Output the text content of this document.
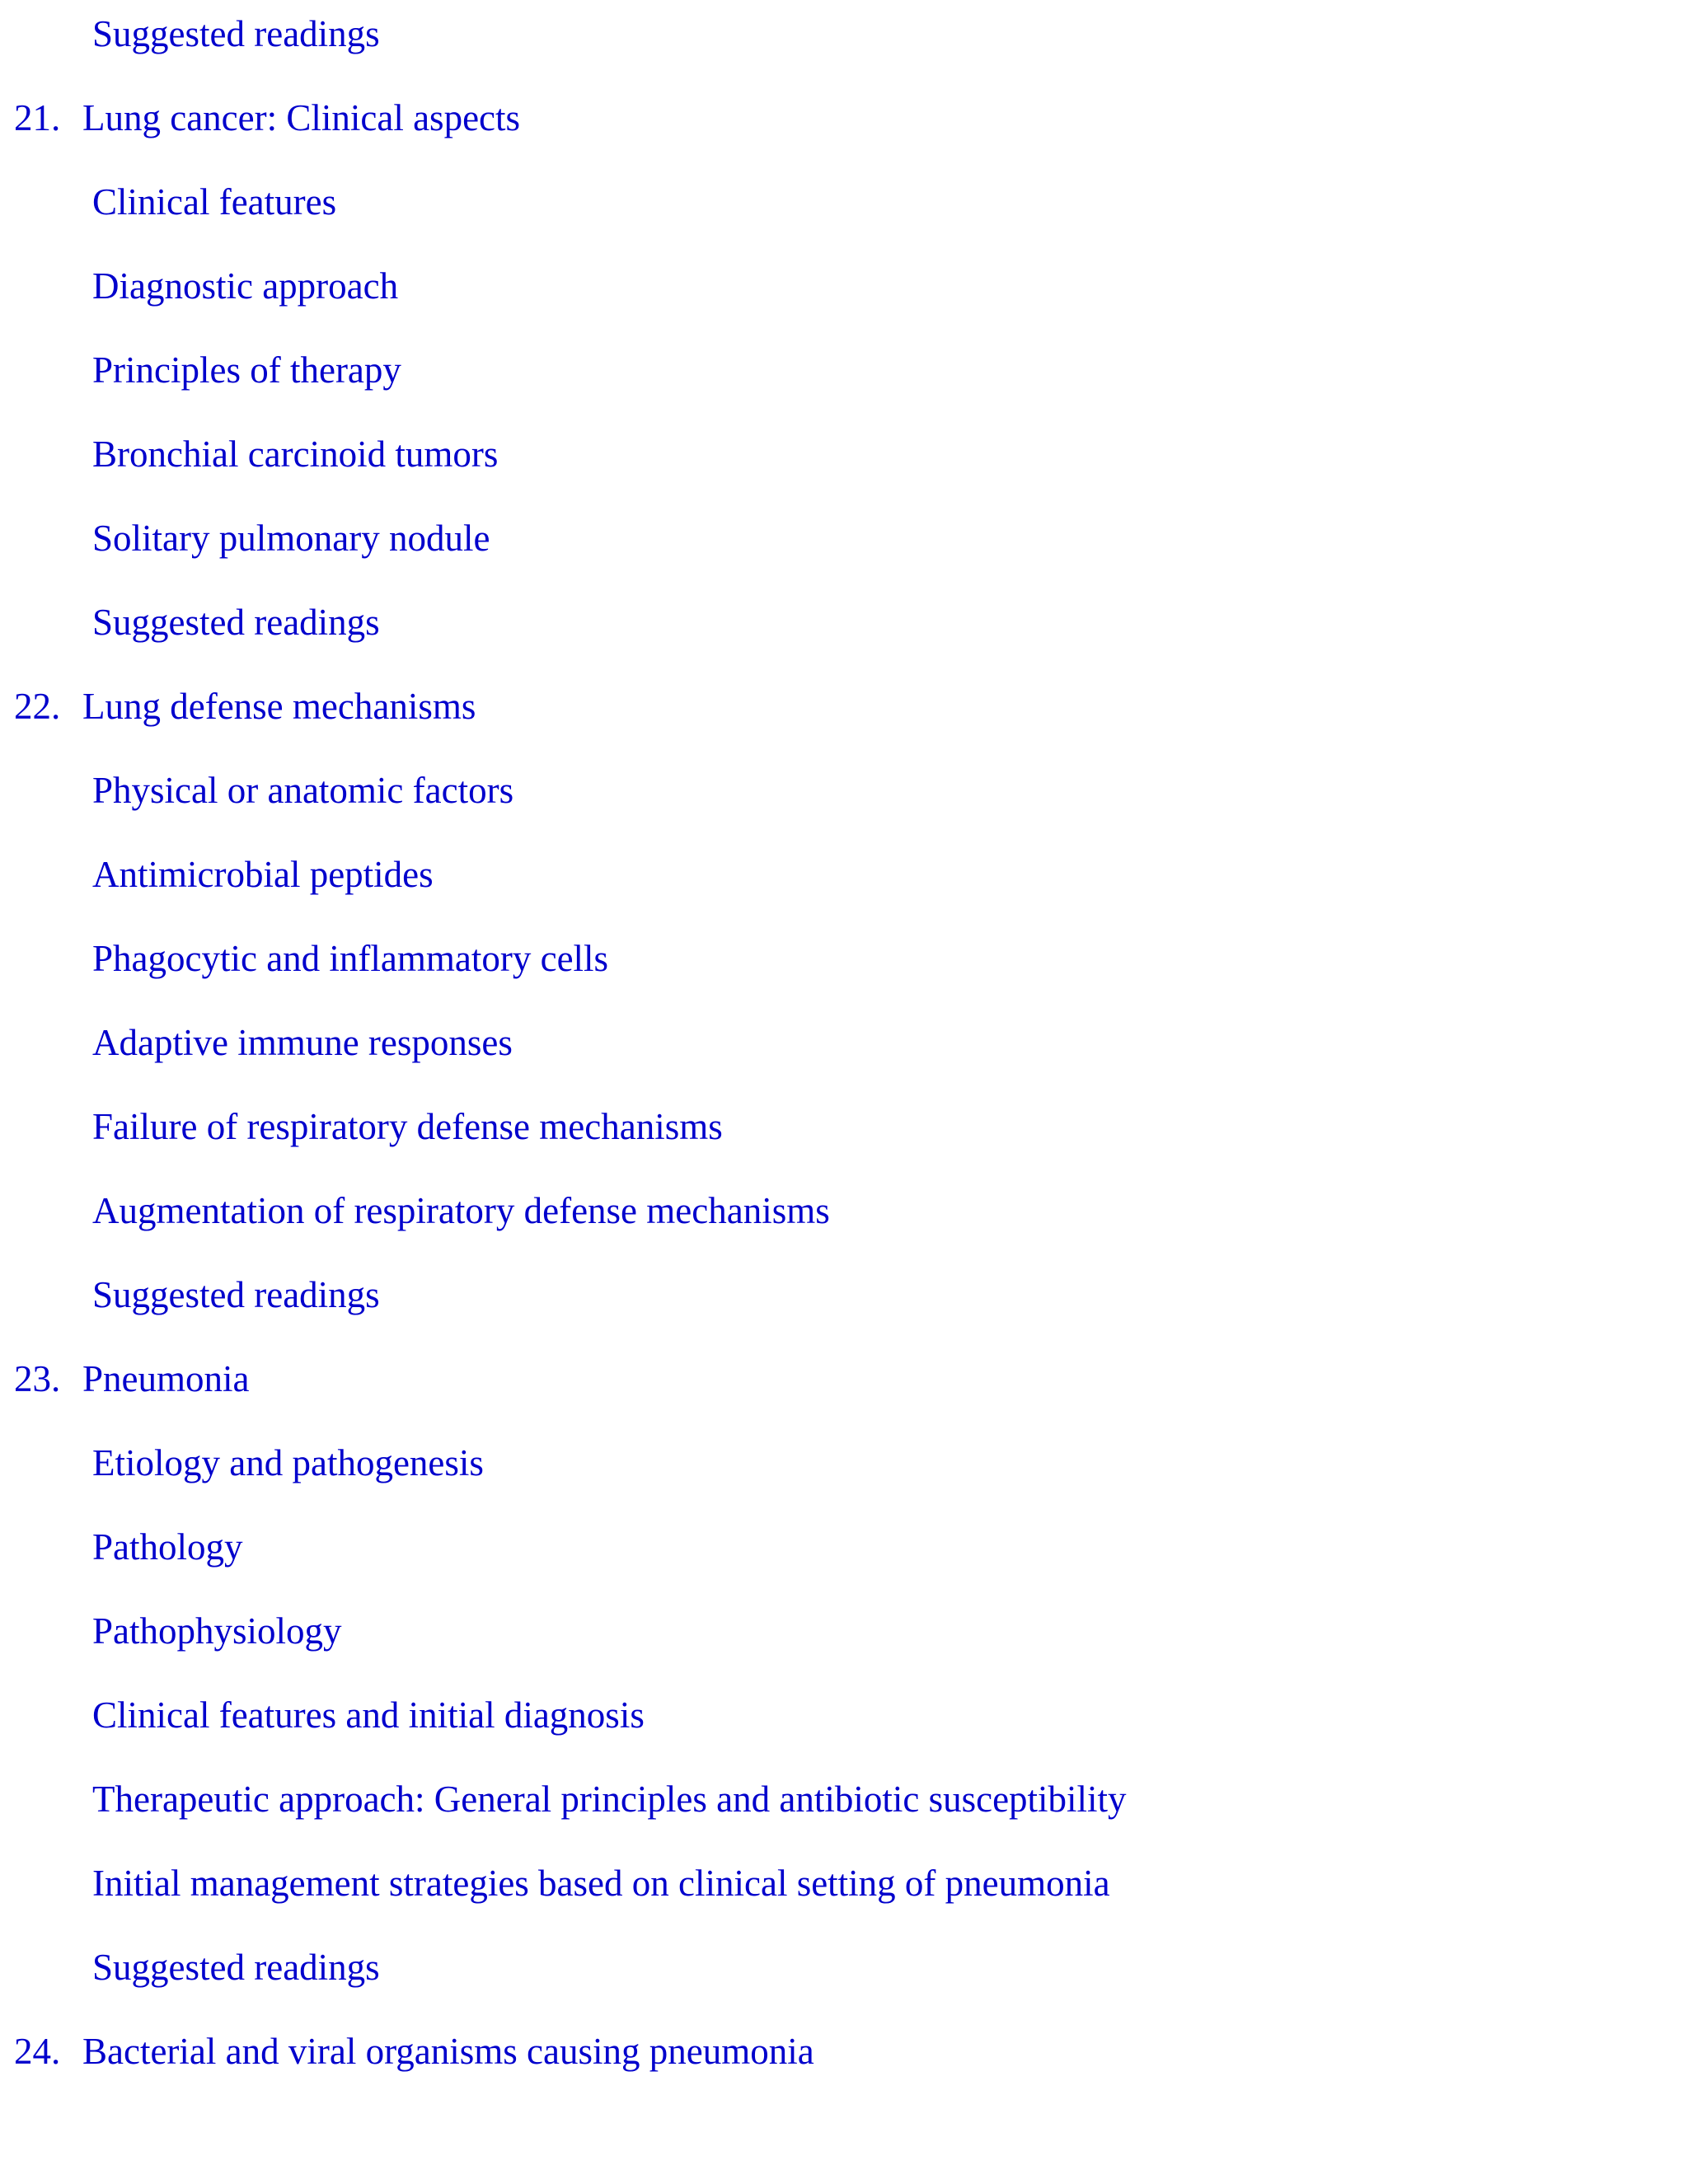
Suggested readings
21. Lung cancer: Clinical aspects
Clinical features
Diagnostic approach
Principles of therapy
Bronchial carcinoid tumors
Solitary pulmonary nodule
Suggested readings
22. Lung defense mechanisms
Physical or anatomic factors
Antimicrobial peptides
Phagocytic and inflammatory cells
Adaptive immune responses
Failure of respiratory defense mechanisms
Augmentation of respiratory defense mechanisms
Suggested readings
23. Pneumonia
Etiology and pathogenesis
Pathology
Pathophysiology
Clinical features and initial diagnosis
Therapeutic approach: General principles and antibiotic susceptibility
Initial management strategies based on clinical setting of pneumonia
Suggested readings
24. Bacterial and viral organisms causing pneumonia
